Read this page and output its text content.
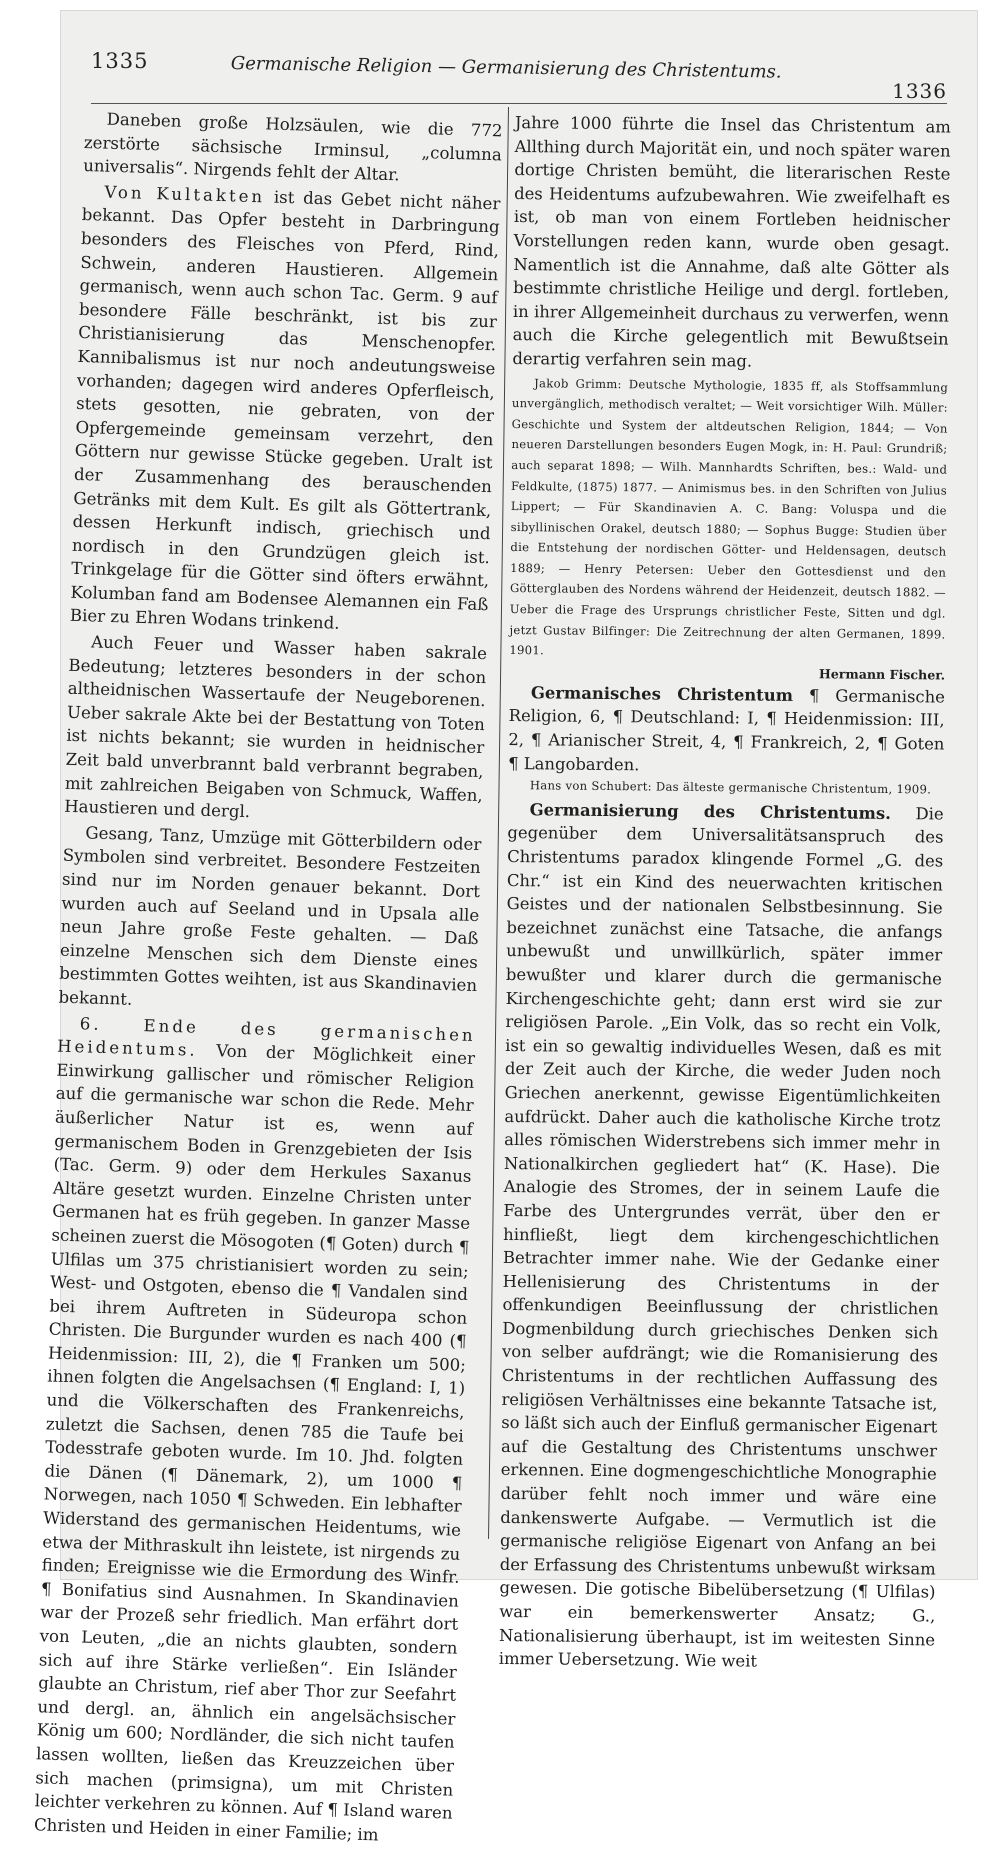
1335	Germanische Religion — Germanisierung des Christentums.
1336

Daneben große Holzsäulen, wie die 772 zerstörte sächsische Irminsul, „columna universalis“. Nirgends fehlt der Altar.

Von Kultakten ist das Gebet nicht näher bekannt. Das Opfer besteht in Darbringung besonders des Fleisches von Pferd, Rind, Schwein, anderen Haustieren. Allgemein germanisch, wenn auch schon Tac. Germ. 9 auf besondere Fälle beschränkt, ist bis zur Christianisierung das Menschenopfer. Kannibalismus ist nur noch andeutungsweise vorhanden; dagegen wird anderes Opferfleisch, stets gesotten, nie gebraten, von der Opfergemeinde gemeinsam verzehrt, den Göttern nur gewisse Stücke gegeben. Uralt ist der Zusammenhang des berauschenden Getränks mit dem Kult. Es gilt als Göttertrank, dessen Herkunft indisch, griechisch und nordisch in den Grundzügen gleich ist. Trinkgelage für die Götter sind öfters erwähnt, Kolumban fand am Bodensee Alemannen ein Faß Bier zu Ehren Wodans trinkend.

Auch Feuer und Wasser haben sakrale Bedeutung; letzteres besonders in der schon altheidnischen Wassertaufe der Neugeborenen. Ueber sakrale Akte bei der Bestattung von Toten ist nichts bekannt; sie wurden in heidnischer Zeit bald unverbrannt bald verbrannt begraben, mit zahlreichen Beigaben von Schmuck, Waffen, Haustieren und dergl.

Gesang, Tanz, Umzüge mit Götterbildern oder Symbolen sind verbreitet. Besondere Festzeiten sind nur im Norden genauer bekannt. Dort wurden auch auf Seeland und in Upsala alle neun Jahre große Feste gehalten. — Daß einzelne Menschen sich dem Dienste eines bestimmten Gottes weihten, ist aus Skandinavien bekannt.

6. Ende des germanischen Heidentums. Von der Möglichkeit einer Einwirkung gallischer und römischer Religion auf die germanische war schon die Rede. Mehr äußerlicher Natur ist es, wenn auf germanischem Boden in Grenzgebieten der Isis (Tac. Germ. 9) oder dem Herkules Saxanus Altäre gesetzt wurden. Einzelne Christen unter Germanen hat es früh gegeben. In ganzer Masse scheinen zuerst die Mösogoten (¶ Goten) durch ¶ Ulfilas um 375 christianisiert worden zu sein; West- und Ostgoten, ebenso die ¶ Vandalen sind bei ihrem Auftreten in Südeuropa schon Christen. Die Burgunder wurden es nach 400 (¶ Heidenmission: III, 2), die ¶ Franken um 500; ihnen folgten die Angelsachsen (¶ England: I, 1) und die Völkerschaften des Frankenreichs, zuletzt die Sachsen, denen 785 die Taufe bei Todesstrafe geboten wurde. Im 10. Jhd. folgten die Dänen (¶ Dänemark, 2), um 1000 ¶ Norwegen, nach 1050 ¶ Schweden. Ein lebhafter Widerstand des germanischen Heidentums, wie etwa der Mithraskult ihn leistete, ist nirgends zu finden; Ereignisse wie die Ermordung des Winfr. ¶ Bonifatius sind Ausnahmen. In Skandinavien war der Prozeß sehr friedlich. Man erfährt dort von Leuten, „die an nichts glaubten, sondern sich auf ihre Stärke verließen“. Ein Isländer glaubte an Christum, rief aber Thor zur Seefahrt und dergl. an, ähnlich ein angelsächsischer König um 600; Nordländer, die sich nicht taufen lassen wollten, ließen das Kreuzzeichen über sich machen (primsigna), um mit Christen leichter verkehren zu können. Auf ¶ Island waren Christen und Heiden in einer Familie; im

Jahre 1000 führte die Insel das Christentum am Allthing durch Majorität ein, und noch später waren dortige Christen bemüht, die literarischen Reste des Heidentums aufzubewahren. Wie zweifelhaft es ist, ob man von einem Fortleben heidnischer Vorstellungen reden kann, wurde oben gesagt. Namentlich ist die Annahme, daß alte Götter als bestimmte christliche Heilige und dergl. fortleben, in ihrer Allgemeinheit durchaus zu verwerfen, wenn auch die Kirche gelegentlich mit Bewußtsein derartig verfahren sein mag.

Jakob Grimm: Deutsche Mythologie, 1835 ff, als Stoffsammlung unvergänglich, methodisch veraltet; — Weit vorsichtiger Wilh. Müller: Geschichte und System der altdeutschen Religion, 1844; — Von neueren Darstellungen besonders Eugen Mogk, in: H. Paul: Grundriß; auch separat 1898; — Wilh. Mannhardts Schriften, bes.: Wald- und Feldkulte, (1875) 1877. — Animismus bes. in den Schriften von Julius Lippert; — Für Skandinavien A. C. Bang: Voluspa und die sibyllinischen Orakel, deutsch 1880; — Sophus Bugge: Studien über die Entstehung der nordischen Götter- und Heldensagen, deutsch 1889; — Henry Petersen: Ueber den Gottesdienst und den Götterglauben des Nordens während der Heidenzeit, deutsch 1882. — Ueber die Frage des Ursprungs christlicher Feste, Sitten und dgl. jetzt Gustav Bilfinger: Die Zeitrechnung der alten Germanen, 1899. 1901.

Hermann Fischer.

Germanisches Christentum ¶ Germanische Religion, 6, ¶ Deutschland: I, ¶ Heidenmission: III, 2, ¶ Arianischer Streit, 4, ¶ Frankreich, 2, ¶ Goten ¶ Langobarden.

Hans von Schubert: Das älteste germanische Christentum, 1909.

Germanisierung des Christentums. Die gegenüber dem Universalitätsanspruch des Christentums paradox klingende Formel „G. des Chr.“ ist ein Kind des neuerwachten kritischen Geistes und der nationalen Selbstbesinnung. Sie bezeichnet zunächst eine Tatsache, die anfangs unbewußt und unwillkürlich, später immer bewußter und klarer durch die germanische Kirchengeschichte geht; dann erst wird sie zur religiösen Parole. „Ein Volk, das so recht ein Volk, ist ein so gewaltig individuelles Wesen, daß es mit der Zeit auch der Kirche, die weder Juden noch Griechen anerkennt, gewisse Eigentümlichkeiten aufdrückt. Daher auch die katholische Kirche trotz alles römischen Widerstrebens sich immer mehr in Nationalkirchen gegliedert hat“ (K. Hase). Die Analogie des Stromes, der in seinem Laufe die Farbe des Untergrundes verrät, über den er hinfließt, liegt dem kirchengeschichtlichen Betrachter immer nahe. Wie der Gedanke einer Hellenisierung des Christentums in der offenkundigen Beeinflussung der christlichen Dogmenbildung durch griechisches Denken sich von selber aufdrängt; wie die Romanisierung des Christentums in der rechtlichen Auffassung des religiösen Verhältnisses eine bekannte Tatsache ist, so läßt sich auch der Einfluß germanischer Eigenart auf die Gestaltung des Christentums unschwer erkennen. Eine dogmengeschichtliche Monographie darüber fehlt noch immer und wäre eine dankenswerte Aufgabe. — Vermutlich ist die germanische religiöse Eigenart von Anfang an bei der Erfassung des Christentums unbewußt wirksam gewesen. Die gotische Bibelübersetzung (¶ Ulfilas) war ein bemerkenswerter Ansatz; G., Nationalisierung überhaupt, ist im weitesten Sinne immer Uebersetzung. Wie weit
